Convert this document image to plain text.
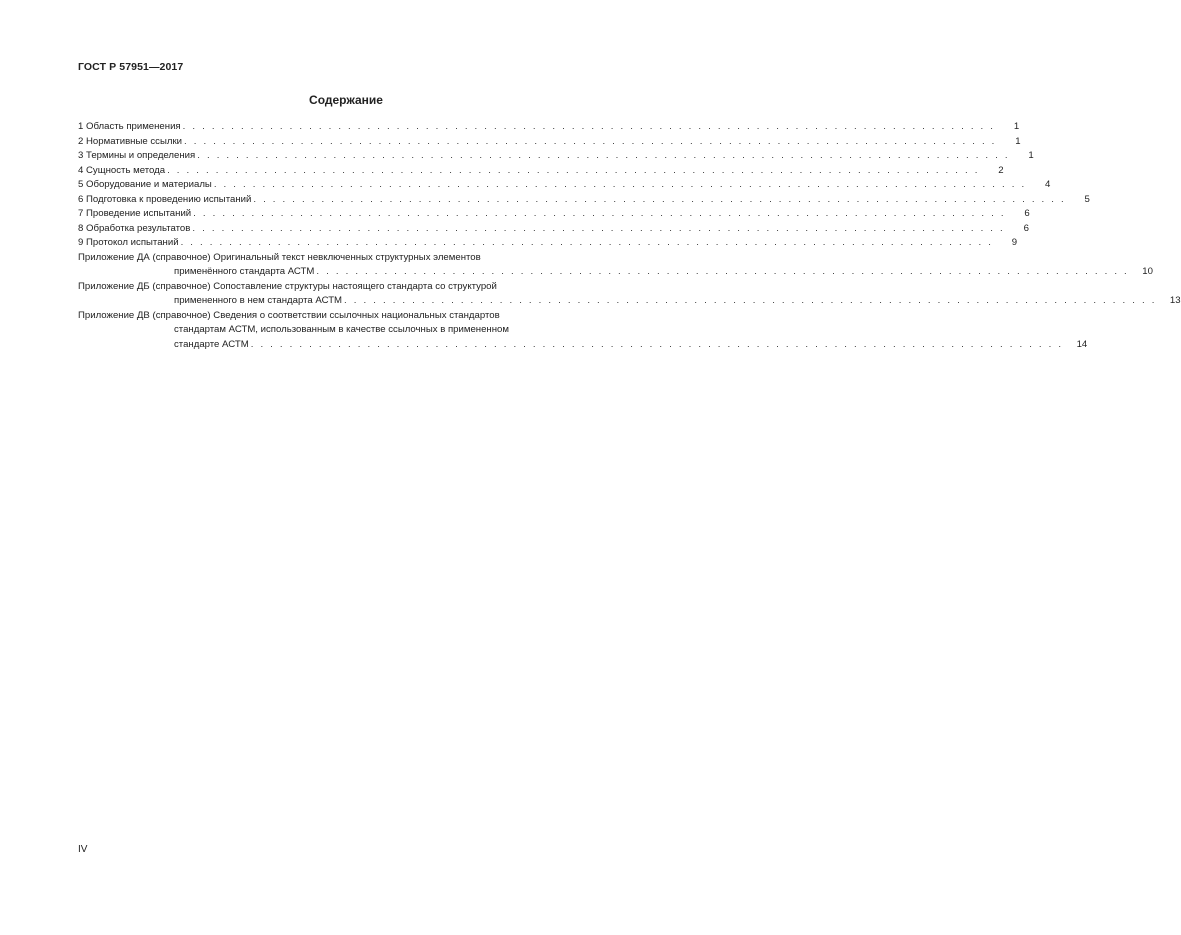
ГОСТ Р 57951—2017
Содержание
1 Область применения . . . . . . . . . . . . . . . . . . . . . . . . . . . . . . . . . . . . . . . . . . . . . . . . . . . . . . . . . . . . . . . . . . . . . . . . . . . . . . . . . . . .	1
2 Нормативные ссылки . . . . . . . . . . . . . . . . . . . . . . . . . . . . . . . . . . . . . . . . . . . . . . . . . . . . . . . . . . . . . . . . . . . . . . . . . . . . . . . . . . . .	1
3 Термины и определения . . . . . . . . . . . . . . . . . . . . . . . . . . . . . . . . . . . . . . . . . . . . . . . . . . . . . . . . . . . . . . . . . . . . . . . . . . . . . . . . . . . .	1
4 Сущность метода . . . . . . . . . . . . . . . . . . . . . . . . . . . . . . . . . . . . . . . . . . . . . . . . . . . . . . . . . . . . . . . . . . . . . . . . . . . . . . . . . . . .	2
5 Оборудование и материалы . . . . . . . . . . . . . . . . . . . . . . . . . . . . . . . . . . . . . . . . . . . . . . . . . . . . . . . . . . . . . . . . . . . . . . . . . . . . . . . . . . . .	4
6 Подготовка к проведению испытаний . . . . . . . . . . . . . . . . . . . . . . . . . . . . . . . . . . . . . . . . . . . . . . . . . . . . . . . . . . . . . . . . . . . . . . . . . . . . . . . . . . . .	5
7 Проведение испытаний . . . . . . . . . . . . . . . . . . . . . . . . . . . . . . . . . . . . . . . . . . . . . . . . . . . . . . . . . . . . . . . . . . . . . . . . . . . . . . . . . . . .	6
8 Обработка результатов . . . . . . . . . . . . . . . . . . . . . . . . . . . . . . . . . . . . . . . . . . . . . . . . . . . . . . . . . . . . . . . . . . . . . . . . . . . . . . . . . . . .	6
9 Протокол испытаний . . . . . . . . . . . . . . . . . . . . . . . . . . . . . . . . . . . . . . . . . . . . . . . . . . . . . . . . . . . . . . . . . . . . . . . . . . . . . . . . . . . .	9
Приложение ДА (справочное) Оригинальный текст невключенных структурных элементов
применённого стандарта АСТМ . . . . . . . . . . . . . . . . . . . . . . . . . . . . . . . . . . . . . . . . . . . . . . . . . . . . . . . . . . . . . . . . . . . . . . . . . . . . . . . . . . . .	10
Приложение ДБ (справочное) Сопоставление структуры настоящего стандарта со структурой
примененного в нем стандарта АСТМ . . . . . . . . . . . . . . . . . . . . . . . . . . . . . . . . . . . . . . . . . . . . . . . . . . . . . . . . . . . . . . . . . . . . . . . . . . . . . . . . . . . .	13
Приложение ДВ (справочное) Сведения о соответствии ссылочных национальных стандартов
стандартам АСТМ, использованным в качестве ссылочных в примененном
стандарте АСТМ . . . . . . . . . . . . . . . . . . . . . . . . . . . . . . . . . . . . . . . . . . . . . . . . . . . . . . . . . . . . . . . . . . . . . . . . . . . . . . . . . . . .	14
IV
